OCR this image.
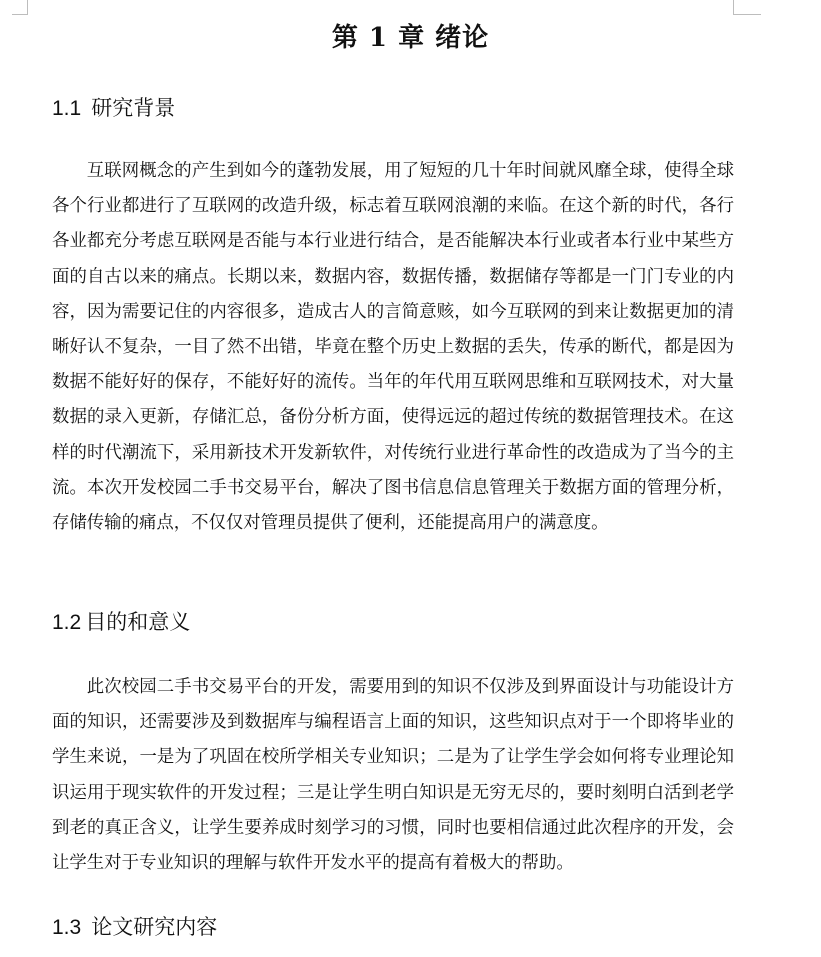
第 1 章 绪论
1.1 研究背景

互联网概念的产生到如今的蓬勃发展，用了短短的几十年时间就风靡全球，使得全球各个行业都进行了互联网的改造升级，标志着互联网浪潮的来临。在这个新的时代，各行各业都充分考虑互联网是否能与本行业进行结合，是否能解决本行业或者本行业中某些方面的自古以来的痛点。长期以来，数据内容，数据传播，数据储存等都是一门门专业的内容，因为需要记住的内容很多，造成古人的言简意赅，如今互联网的到来让数据更加的清晰好认不复杂，一目了然不出错，毕竟在整个历史上数据的丢失，传承的断代，都是因为数据不能好好的保存，不能好好的流传。当年的年代用互联网思维和互联网技术，对大量数据的录入更新，存储汇总，备份分析方面，使得远远的超过传统的数据管理技术。在这样的时代潮流下，采用新技术开发新软件，对传统行业进行革命性的改造成为了当今的主流。本次开发校园二手书交易平台，解决了图书信息信息管理关于数据方面的管理分析，存储传输的痛点，不仅仅对管理员提供了便利，还能提高用户的满意度。

1.2 目的和意义

此次校园二手书交易平台的开发，需要用到的知识不仅涉及到界面设计与功能设计方面的知识，还需要涉及到数据库与编程语言上面的知识，这些知识点对于一个即将毕业的学生来说，一是为了巩固在校所学相关专业知识；二是为了让学生学会如何将专业理论知识运用于现实软件的开发过程；三是让学生明白知识是无穷无尽的，要时刻明白活到老学到老的真正含义，让学生要养成时刻学习的习惯，同时也要相信通过此次程序的开发，会让学生对于专业知识的理解与软件开发水平的提高有着极大的帮助。

1.3 论文研究内容
